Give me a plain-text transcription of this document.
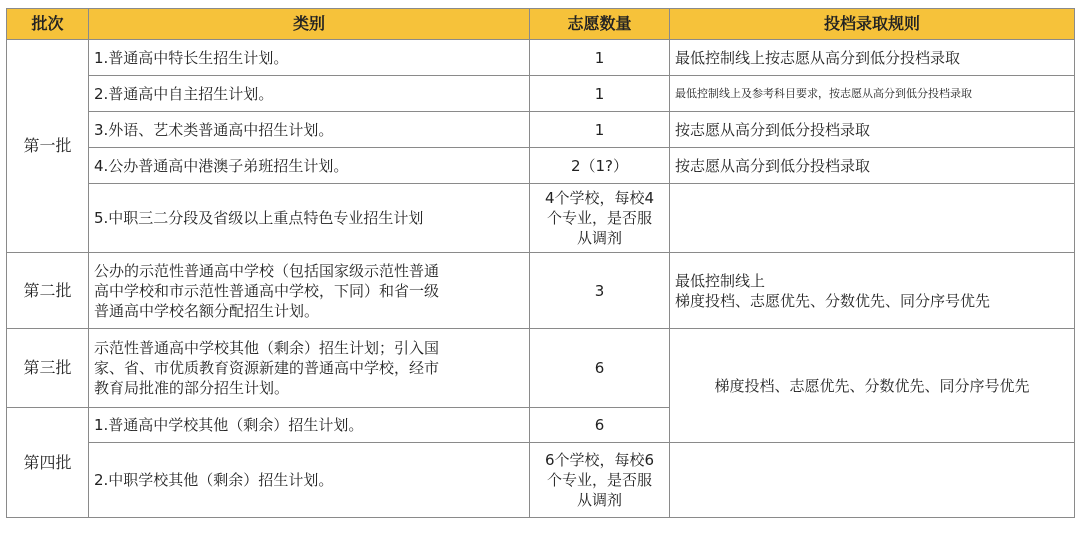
批次	类别	志愿数量	投档录取规则
第一批	1.普通高中特长生招生计划。	1	最低控制线上按志愿从高分到低分投档录取
	2.普通高中自主招生计划。	1	最低控制线上及参考科目要求，按志愿从高分到低分投档录取
	3.外语、艺术类普通高中招生计划。	1	按志愿从高分到低分投档录取
	4.公办普通高中港澳子弟班招生计划。	2（1?）	按志愿从高分到低分投档录取
	5.中职三二分段及省级以上重点特色专业招生计划	4个学校，每校4
个专业，是否服
从调剂	

第二批	公办的示范性普通高中学校（包括国家级示范性普通
高中学校和市示范性普通高中学校，下同）和省一级
普通高中学校名额分配招生计划。	3	最低控制线上
梯度投档、志愿优先、分数优先、同分序号优先

第三批	示范性普通高中学校其他（剩余）招生计划；引入国
家、省、市优质教育资源新建的普通高中学校，经市
教育局批准的部分招生计划。	6	梯度投档、志愿优先、分数优先、同分序号优先
第四批	1.普通高中学校其他（剩余）招生计划。	6	
	2.中职学校其他（剩余）招生计划。	6个学校，每校6
个专业，是否服
从调剂	
